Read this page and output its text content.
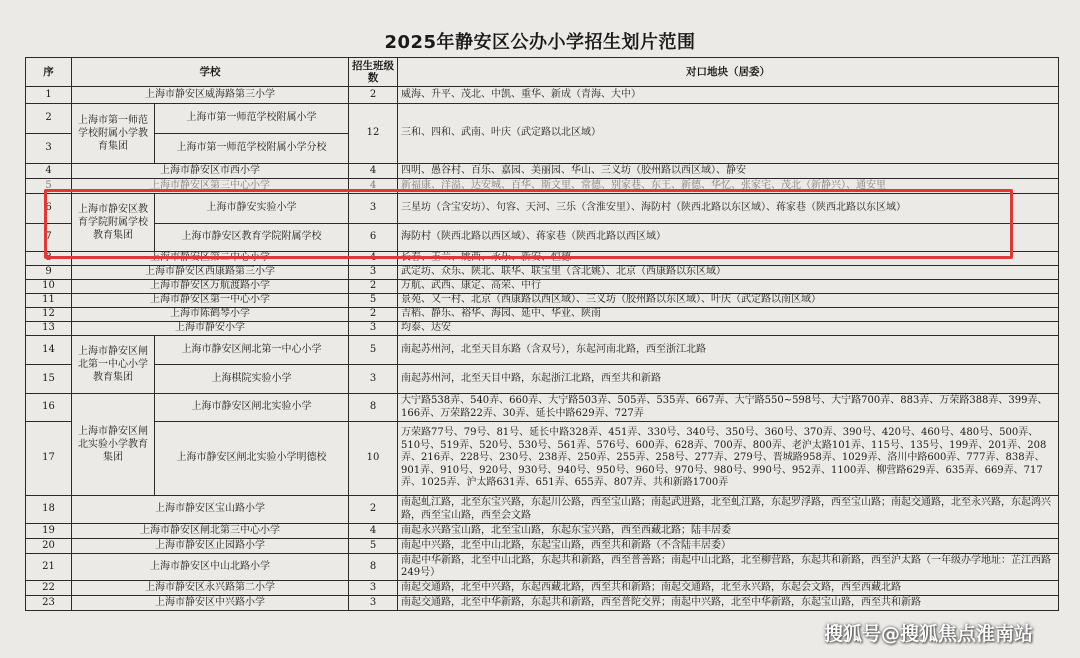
2025年静安区公办小学招生划片范围
序	学校		招生班级数	对口地块（居委）
1	上海市静安区威海路第三小学		2	威海、升平、茂北、中凯、重华、新成（青海、大中）
2	上海市第一师范学校附属小学教育集团	上海市第一师范学校附属小学	12	三和、四和、武南、叶庆（武定路以北区域）
3		上海市第一师范学校附属小学分校		
4	上海市静安区市西小学		4	四明、愚谷村、百乐、嘉园、美丽园、华山、三义坊（胶州路以西区域）、静安
5	上海市静安区第三中心小学		4	新福康、洋溢、达安城、百华、斯文里、常德、别家巷、东王、新德、华忆、张家宅、茂北（新静兴）、通安里
6	上海市静安区教育学院附属学校教育集团	上海市静安实验小学	3	三星坊（含宝安坊）、句容、天河、三乐（含淮安里）、海防村（陕西北路以东区域）、蒋家巷（陕西北路以东区域）
7		上海市静安区教育学院附属学校	6	海防村（陕西北路以西区域）、蒋家巷（陕西北路以西区域）
8	上海市静安区第二中心小学		4	长春、玉兰、姚西、永乐、新安、恒德
9	上海市静安区西康路第三小学		3	武定坊、众乐、陕北、联华、联宝里（含北姚）、北京（西康路以东区域）
10	上海市静安区万航渡路小学		2	万航、武西、康定、高荣、中行
11	上海市静安区第一中心小学		5	景苑、又一村、北京（西康路以西区域）、三义坊（胶州路以东区域）、叶庆（武定路以南区域）
12	上海市陈鹤琴小学		2	吉稻、静乐、裕华、海园、延中、华业、陕南
13	上海市静安小学		3	均泰、达安
14	上海市静安区闸北第一中心小学教育集团	上海市静安区闸北第一中心小学	5	南起苏州河，北至天目东路（含双号），东起河南北路，西至浙江北路
15		上海棋院实验小学	3	南起苏州河，北至天目中路，东起浙江北路，西至共和新路
16	上海市静安区闸北实验小学教育集团	上海市静安区闸北实验小学	8	大宁路538弄、540弄、660弄、大宁路503弄、505弄、535弄、667弄、大宁路550~598号、大宁路700弄、883弄、万荣路388弄、399弄、166弄、万荣路22弄、30弄、延长中路629弄、727弄
17		上海市静安区闸北实验小学明德校	10	万荣路77号、79号、81号、延长中路328弄、451弄、330号、340号、350号、360号、370弄、390号、420号、460号、480号、500弄、510号、519弄、520号、530号、561弄、576号、600弄、628弄、700弄、800弄、老沪太路101弄、115号、135号、199弄、201弄、208弄、216弄、228号、230号、238弄、250弄、255弄、258号、277弄、279号、晋城路958弄、1029弄、洛川中路600弄、777弄、838弄、901弄、910号、920号、930号、940号、950号、960号、970号、980号、990号、952弄、1100弄、柳营路629弄、635弄、669弄、717弄、1025弄、沪太路631弄、651弄、655弄、807弄、共和新路1700弄
18	上海市静安区宝山路小学		2	南起虬江路，北至东宝兴路，东起川公路，西至宝山路；南起武进路，北至虬江路，东起罗浮路，西至宝山路；南起交通路，北至永兴路，东起鸿兴路，西至宝山路，西至会文路
19	上海市静安区闸北第三中心小学		4	南起永兴路宝山路，北至宝山路，东起东宝兴路，西至西藏北路；陆丰居委
20	上海市静安区止园路小学		5	南起中兴路，北至中山北路，东起宝山路，西至共和新路（不含陆丰居委）
21	上海市静安区中山北路小学		8	南起中华新路，北至中山北路，东起共和新路，西至普善路；南起中山北路，北至柳营路，东起共和新路，西至沪太路（一年级办学地址：芷江西路249号）
22	上海市静安区永兴路第二小学		3	南起交通路，北至中兴路，东起西藏北路，西至共和新路；南起交通路，北至永兴路，东起会文路，西至西藏北路
23	上海市静安区中兴路小学		3	南起交通路，北至中华新路，东起共和新路，西至普陀交界；南起中兴路，北至中华新路，东起宝山路，西至共和新路
搜狐号@搜狐焦点淮南站
